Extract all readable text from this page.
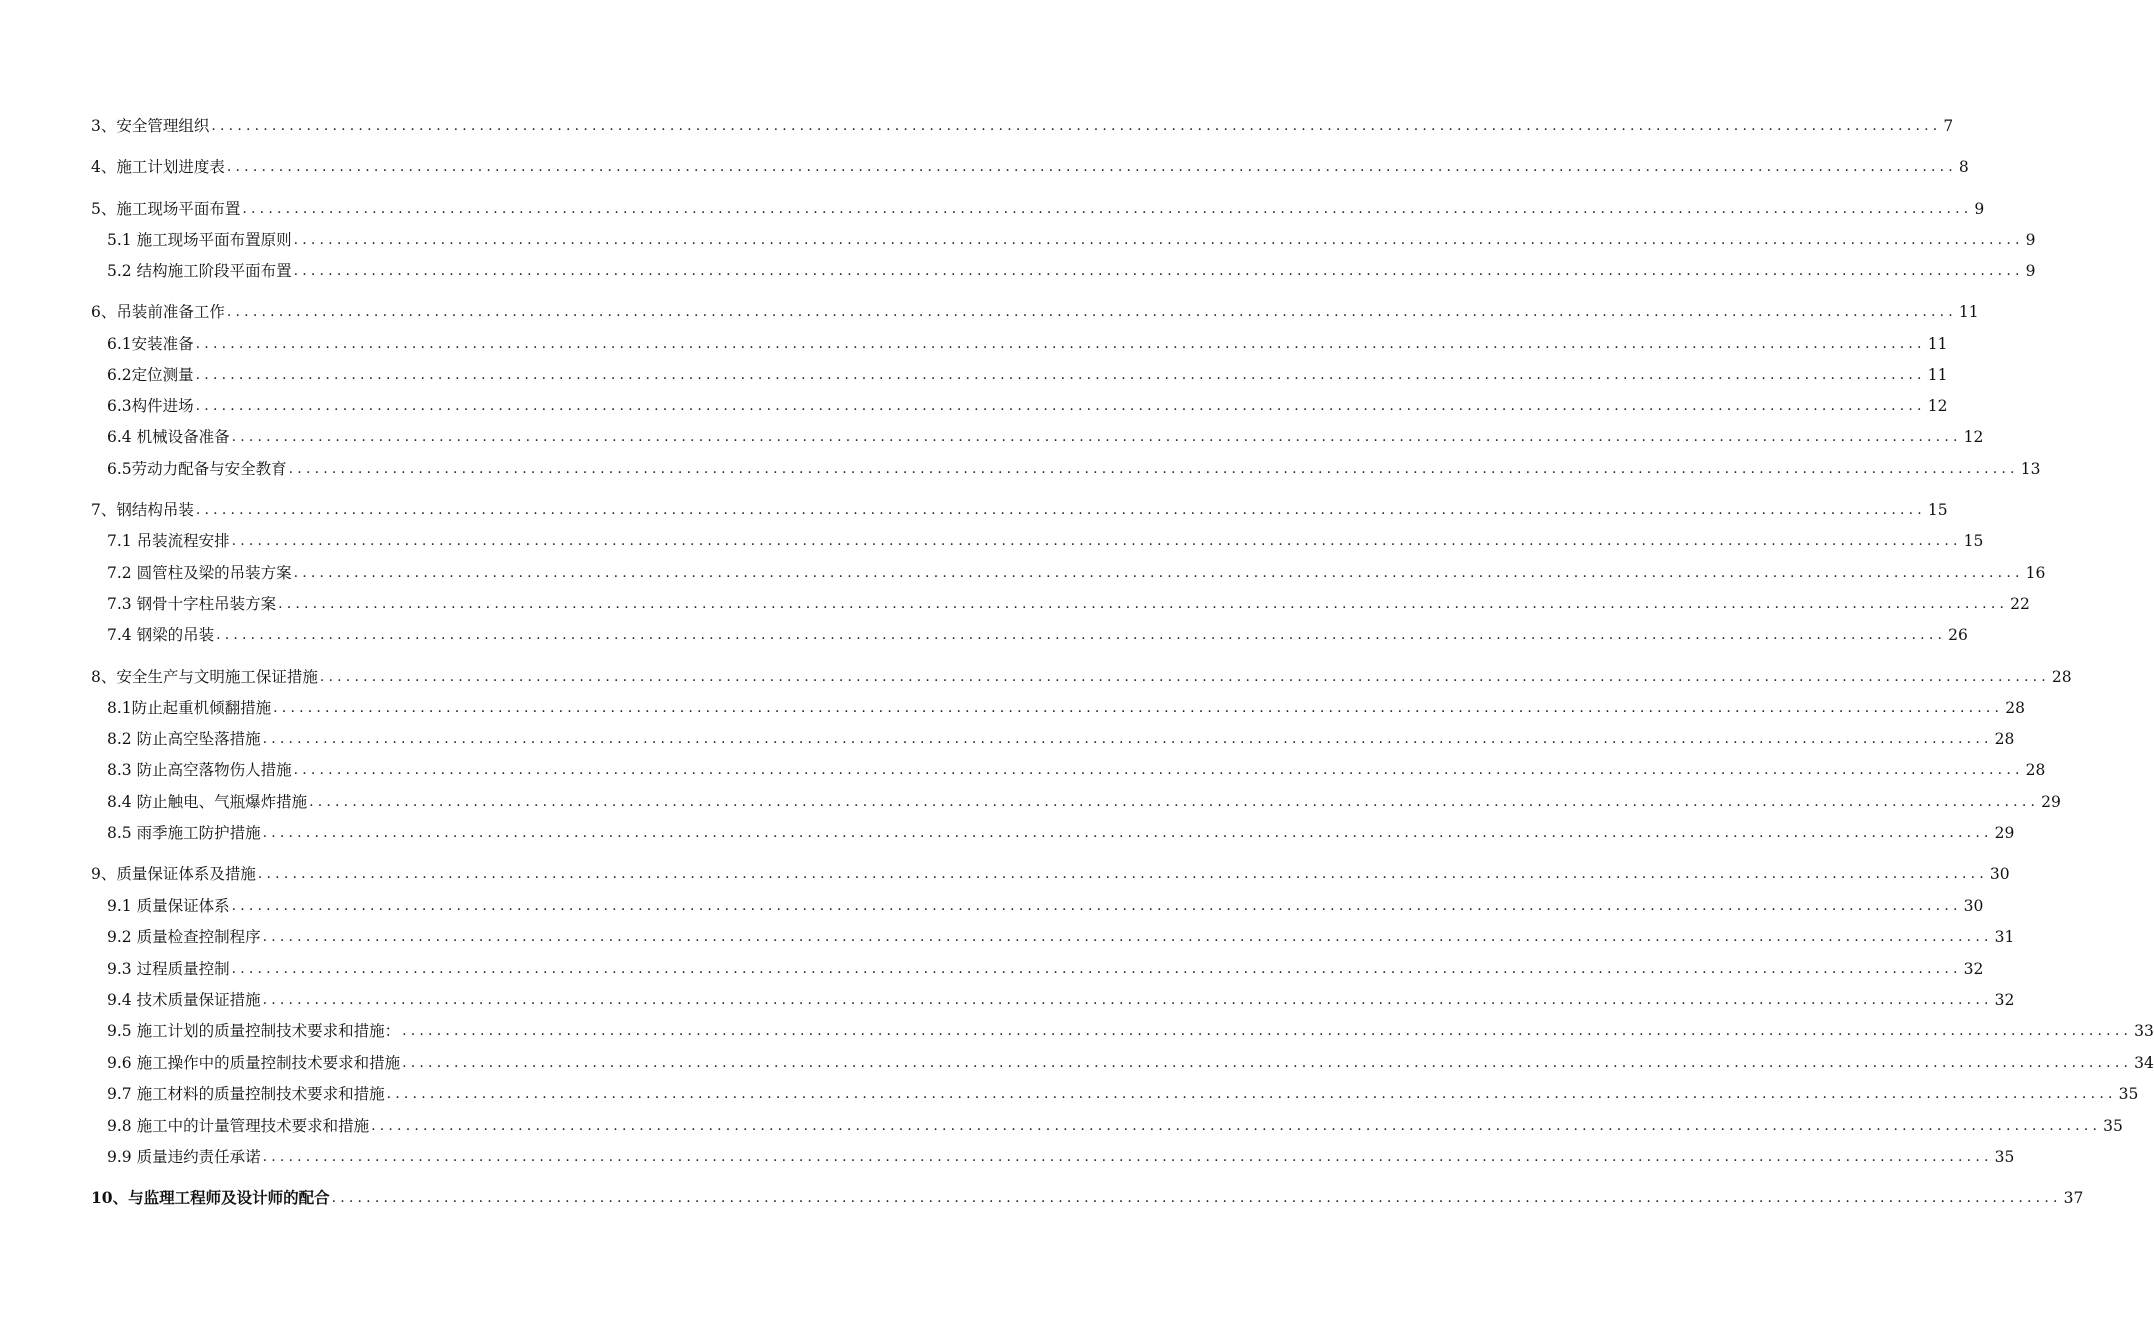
3、安全管理组织 ........................................................................................................................................................................................................ 7
4、施工计划进度表 ........................................................................................................................................................................................................ 8
5、施工现场平面布置 ........................................................................................................................................................................................................ 9
5.1 施工现场平面布置原则 ........................................................................................................................................................................................................ 9
5.2 结构施工阶段平面布置 ........................................................................................................................................................................................................ 9
6、吊装前准备工作 ........................................................................................................................................................................................................ 11
6.1安装准备 ........................................................................................................................................................................................................ 11
6.2定位测量 ........................................................................................................................................................................................................ 11
6.3构件进场 ........................................................................................................................................................................................................ 12
6.4 机械设备准备 ........................................................................................................................................................................................................ 12
6.5劳动力配备与安全教育 ........................................................................................................................................................................................................ 13
7、钢结构吊装 ........................................................................................................................................................................................................ 15
7.1 吊装流程安排 ........................................................................................................................................................................................................ 15
7.2 圆管柱及梁的吊装方案 ........................................................................................................................................................................................................ 16
7.3 钢骨十字柱吊装方案 ........................................................................................................................................................................................................ 22
7.4 钢梁的吊装 ........................................................................................................................................................................................................ 26
8、安全生产与文明施工保证措施 ........................................................................................................................................................................................................ 28
8.1防止起重机倾翻措施 ........................................................................................................................................................................................................ 28
8.2 防止高空坠落措施 ........................................................................................................................................................................................................ 28
8.3 防止高空落物伤人措施 ........................................................................................................................................................................................................ 28
8.4 防止触电、气瓶爆炸措施 ........................................................................................................................................................................................................ 29
8.5 雨季施工防护措施 ........................................................................................................................................................................................................ 29
9、质量保证体系及措施 ........................................................................................................................................................................................................ 30
9.1 质量保证体系 ........................................................................................................................................................................................................ 30
9.2 质量检查控制程序 ........................................................................................................................................................................................................ 31
9.3 过程质量控制 ........................................................................................................................................................................................................ 32
9.4 技术质量保证措施 ........................................................................................................................................................................................................ 32
9.5 施工计划的质量控制技术要求和措施： ........................................................................................................................................................................................................ 33
9.6 施工操作中的质量控制技术要求和措施 ........................................................................................................................................................................................................ 34
9.7 施工材料的质量控制技术要求和措施 ........................................................................................................................................................................................................ 35
9.8 施工中的计量管理技术要求和措施 ........................................................................................................................................................................................................ 35
9.9 质量违约责任承诺 ........................................................................................................................................................................................................ 35
10、与监理工程师及设计师的配合 ........................................................................................................................................................................................................ 37
